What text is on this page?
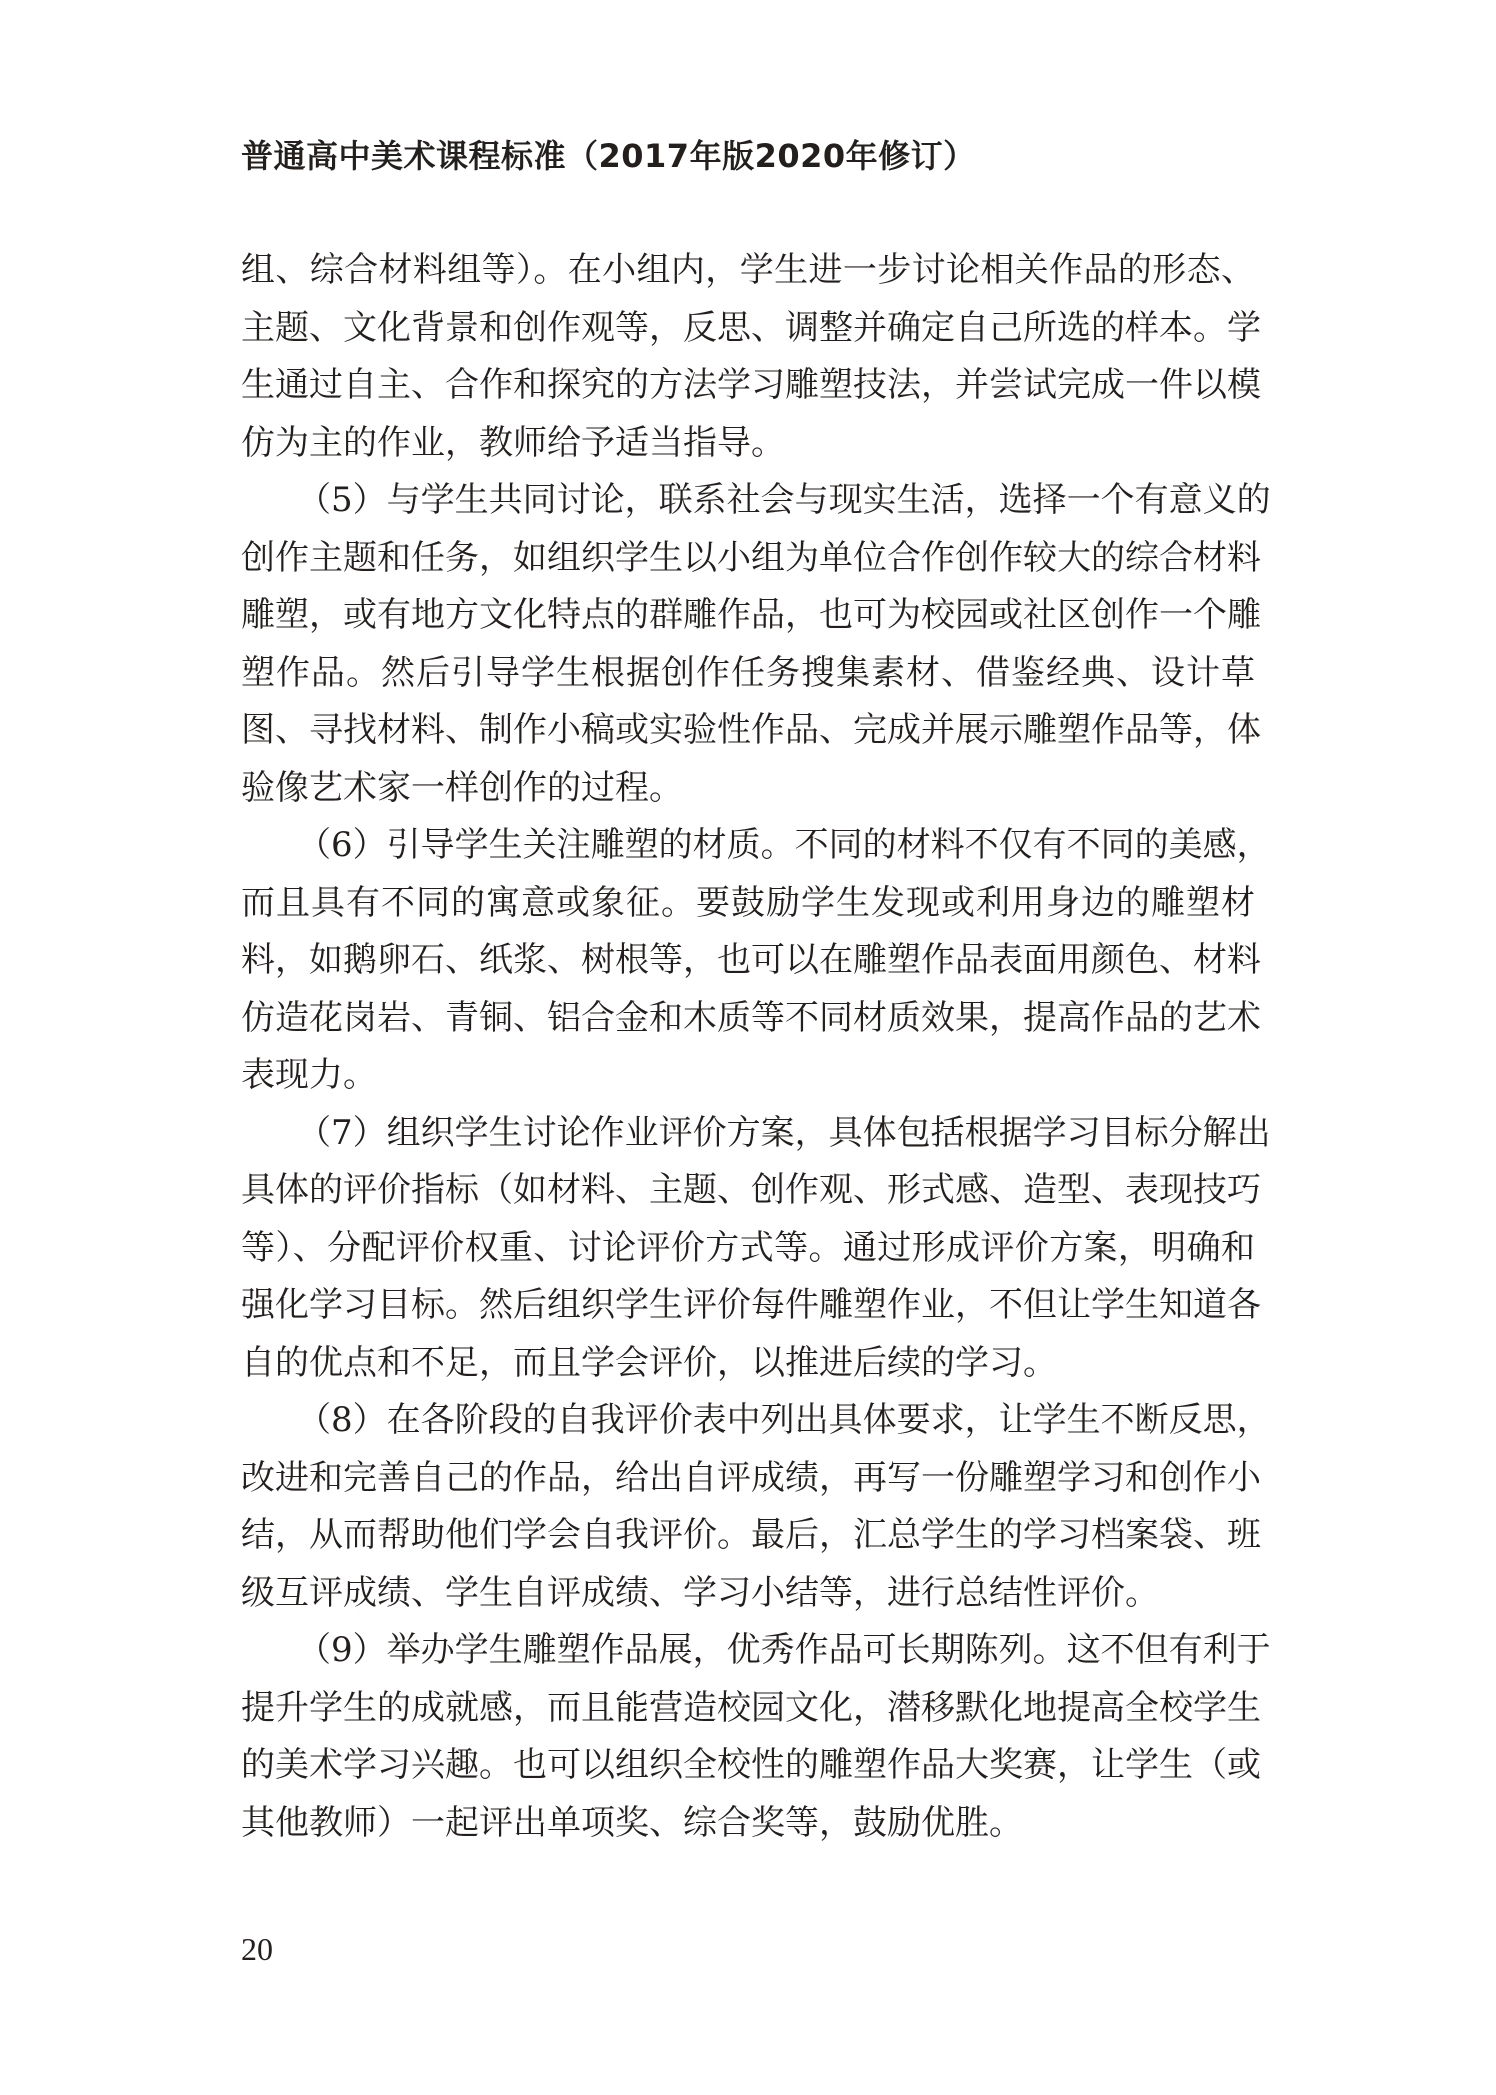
普通高中美术课程标准（2017年版2020年修订）
组、综合材料组等）。在小组内，学生进一步讨论相关作品的形态、
主题、文化背景和创作观等，反思、调整并确定自己所选的样本。学
生通过自主、合作和探究的方法学习雕塑技法，并尝试完成一件以模
仿为主的作业，教师给予适当指导。
（5）与学生共同讨论，联系社会与现实生活，选择一个有意义的
创作主题和任务，如组织学生以小组为单位合作创作较大的综合材料
雕塑，或有地方文化特点的群雕作品，也可为校园或社区创作一个雕
塑作品。然后引导学生根据创作任务搜集素材、借鉴经典、设计草
图、寻找材料、制作小稿或实验性作品、完成并展示雕塑作品等，体
验像艺术家一样创作的过程。
（6）引导学生关注雕塑的材质。不同的材料不仅有不同的美感，
而且具有不同的寓意或象征。要鼓励学生发现或利用身边的雕塑材
料，如鹅卵石、纸浆、树根等，也可以在雕塑作品表面用颜色、材料
仿造花岗岩、青铜、铝合金和木质等不同材质效果，提高作品的艺术
表现力。
（7）组织学生讨论作业评价方案，具体包括根据学习目标分解出
具体的评价指标（如材料、主题、创作观、形式感、造型、表现技巧
等）、分配评价权重、讨论评价方式等。通过形成评价方案，明确和
强化学习目标。然后组织学生评价每件雕塑作业，不但让学生知道各
自的优点和不足，而且学会评价，以推进后续的学习。
（8）在各阶段的自我评价表中列出具体要求，让学生不断反思，
改进和完善自己的作品，给出自评成绩，再写一份雕塑学习和创作小
结，从而帮助他们学会自我评价。最后，汇总学生的学习档案袋、班
级互评成绩、学生自评成绩、学习小结等，进行总结性评价。
（9）举办学生雕塑作品展，优秀作品可长期陈列。这不但有利于
提升学生的成就感，而且能营造校园文化，潜移默化地提高全校学生
的美术学习兴趣。也可以组织全校性的雕塑作品大奖赛，让学生（或
其他教师）一起评出单项奖、综合奖等，鼓励优胜。
20
